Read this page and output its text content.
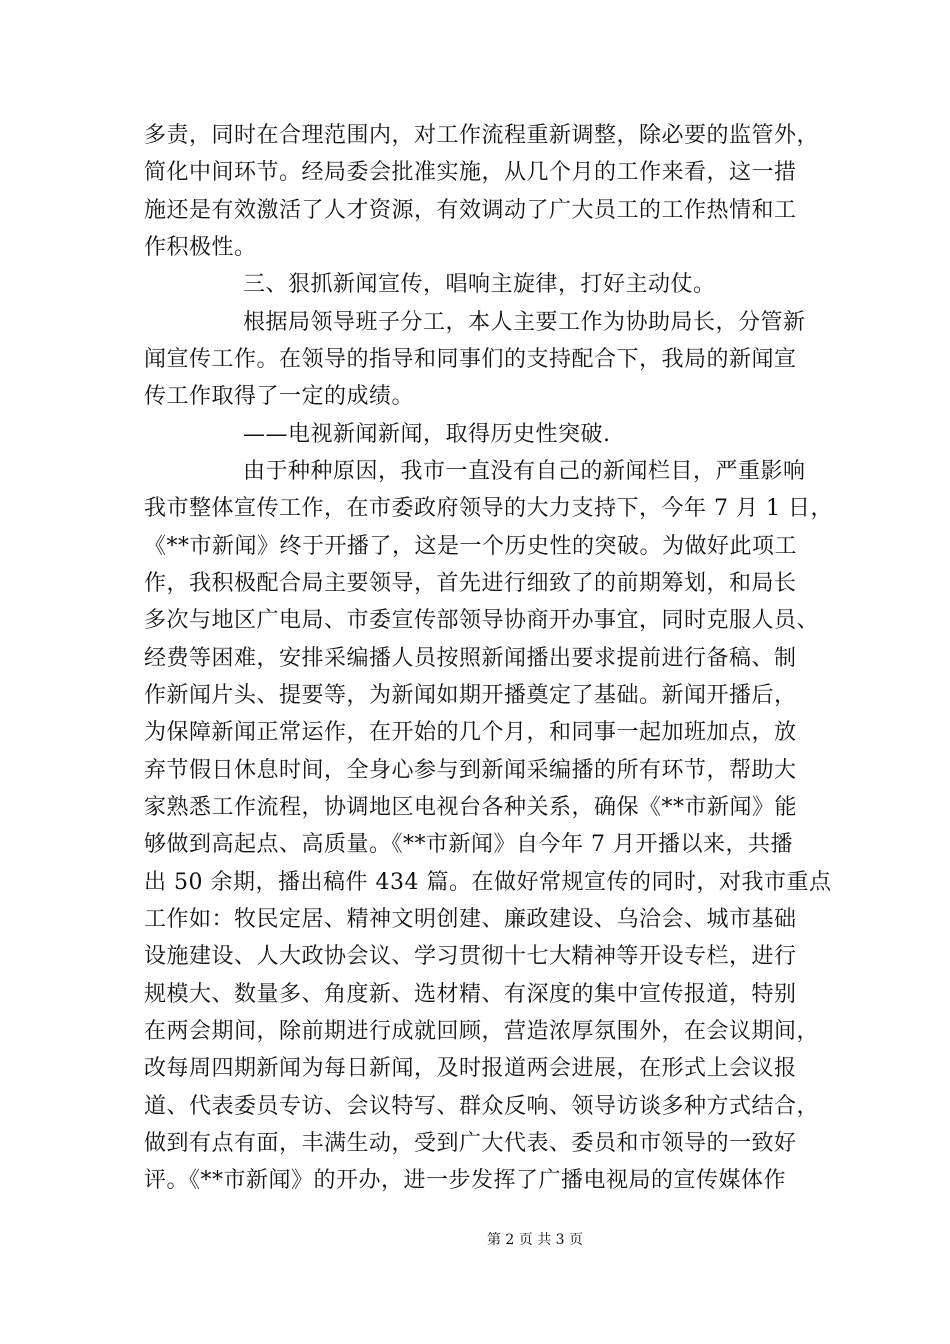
多责，同时在合理范围内，对工作流程重新调整，除必要的监管外，
简化中间环节。经局委会批准实施，从几个月的工作来看，这一措
施还是有效激活了人才资源，有效调动了广大员工的工作热情和工
作积极性。
三、狠抓新闻宣传，唱响主旋律，打好主动仗。
根据局领导班子分工，本人主要工作为协助局长，分管新
闻宣传工作。在领导的指导和同事们的支持配合下，我局的新闻宣
传工作取得了一定的成绩。
——电视新闻新闻，取得历史性突破.
由于种种原因，我市一直没有自己的新闻栏目，严重影响
我市整体宣传工作，在市委政府领导的大力支持下，今年 7 月 1 日，
《**市新闻》终于开播了，这是一个历史性的突破。为做好此项工
作，我积极配合局主要领导，首先进行细致了的前期筹划，和局长
多次与地区广电局、市委宣传部领导协商开办事宜，同时克服人员、
经费等困难，安排采编播人员按照新闻播出要求提前进行备稿、制
作新闻片头、提要等，为新闻如期开播奠定了基础。新闻开播后，
为保障新闻正常运作，在开始的几个月，和同事一起加班加点，放
弃节假日休息时间，全身心参与到新闻采编播的所有环节，帮助大
家熟悉工作流程，协调地区电视台各种关系，确保《**市新闻》能
够做到高起点、高质量。《**市新闻》自今年 7 月开播以来，共播
出 50 余期，播出稿件 434 篇。在做好常规宣传的同时，对我市重点
工作如：牧民定居、精神文明创建、廉政建设、乌洽会、城市基础
设施建设、人大政协会议、学习贯彻十七大精神等开设专栏，进行
规模大、数量多、角度新、选材精、有深度的集中宣传报道，特别
在两会期间，除前期进行成就回顾，营造浓厚氛围外，在会议期间，
改每周四期新闻为每日新闻，及时报道两会进展，在形式上会议报
道、代表委员专访、会议特写、群众反响、领导访谈多种方式结合，
做到有点有面，丰满生动，受到广大代表、委员和市领导的一致好
评。《**市新闻》的开办，进一步发挥了广播电视局的宣传媒体作
第 2 页 共 3 页
